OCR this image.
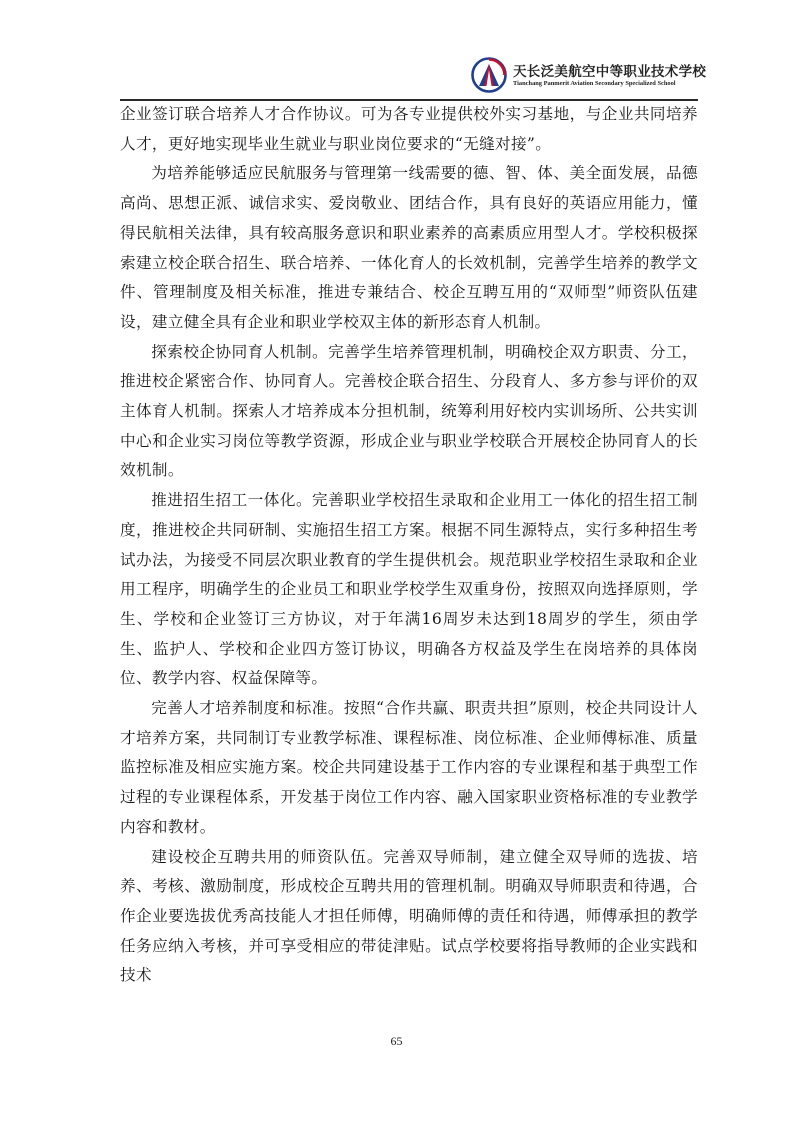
天长泛美航空中等职业技术学校
Tianchang Panmerit Aviation Secondary Specialized School

企业签订联合培养人才合作协议。可为各专业提供校外实习基地，与企业共同培养人才，更好地实现毕业生就业与职业岗位要求的“无缝对接”。

为培养能够适应民航服务与管理第一线需要的德、智、体、美全面发展，品德高尚、思想正派、诚信求实、爱岗敬业、团结合作，具有良好的英语应用能力，懂得民航相关法律，具有较高服务意识和职业素养的高素质应用型人才。学校积极探索建立校企联合招生、联合培养、一体化育人的长效机制，完善学生培养的教学文件、管理制度及相关标准，推进专兼结合、校企互聘互用的“双师型”师资队伍建设，建立健全具有企业和职业学校双主体的新形态育人机制。

探索校企协同育人机制。完善学生培养管理机制，明确校企双方职责、分工，推进校企紧密合作、协同育人。完善校企联合招生、分段育人、多方参与评价的双主体育人机制。探索人才培养成本分担机制，统筹利用好校内实训场所、公共实训中心和企业实习岗位等教学资源，形成企业与职业学校联合开展校企协同育人的长效机制。

推进招生招工一体化。完善职业学校招生录取和企业用工一体化的招生招工制度，推进校企共同研制、实施招生招工方案。根据不同生源特点，实行多种招生考试办法，为接受不同层次职业教育的学生提供机会。规范职业学校招生录取和企业用工程序，明确学生的企业员工和职业学校学生双重身份，按照双向选择原则，学生、学校和企业签订三方协议，对于年满16周岁未达到18周岁的学生，须由学生、监护人、学校和企业四方签订协议，明确各方权益及学生在岗培养的具体岗位、教学内容、权益保障等。

完善人才培养制度和标准。按照“合作共赢、职责共担”原则，校企共同设计人才培养方案，共同制订专业教学标准、课程标准、岗位标准、企业师傅标准、质量监控标准及相应实施方案。校企共同建设基于工作内容的专业课程和基于典型工作过程的专业课程体系，开发基于岗位工作内容、融入国家职业资格标准的专业教学内容和教材。

建设校企互聘共用的师资队伍。完善双导师制，建立健全双导师的选拔、培养、考核、激励制度，形成校企互聘共用的管理机制。明确双导师职责和待遇，合作企业要选拔优秀高技能人才担任师傅，明确师傅的责任和待遇，师傅承担的教学任务应纳入考核，并可享受相应的带徒津贴。试点学校要将指导教师的企业实践和技术

65
